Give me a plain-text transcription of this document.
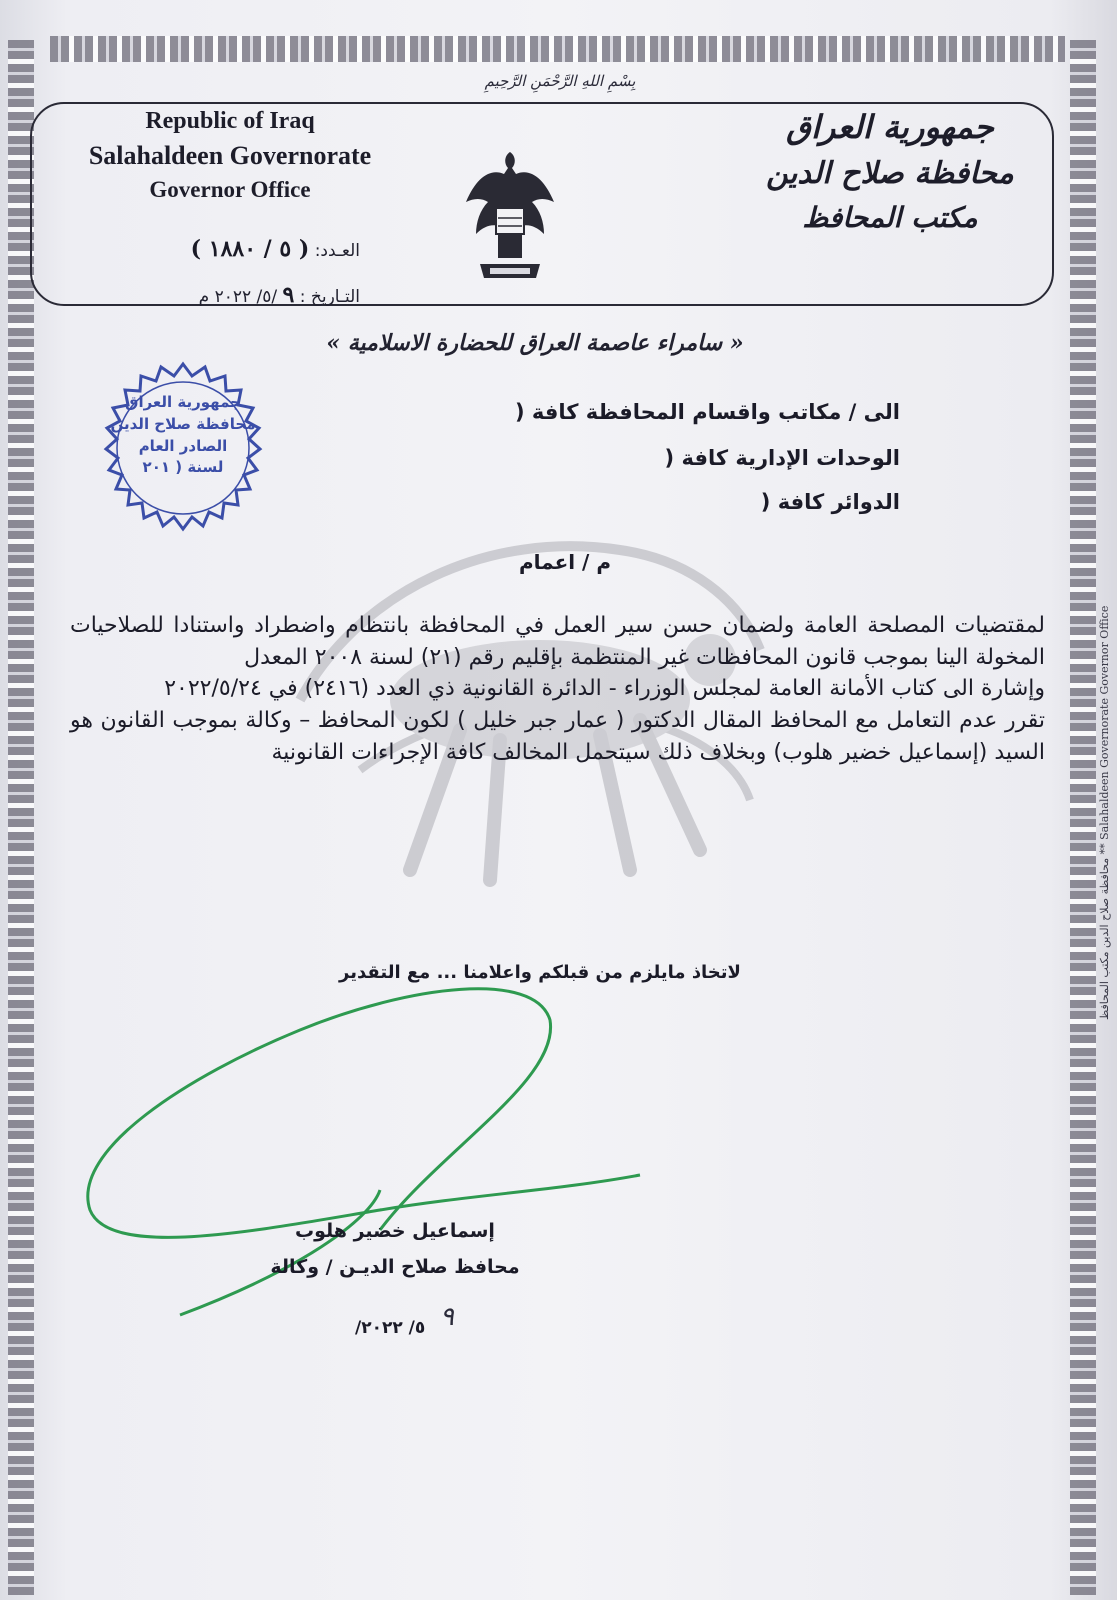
محافظة صلاح الدين مكتب المحافظ ** Salahaldeen Governorate Governor Office
بِسْمِ اللهِ الرَّحْمَنِ الرَّحِيمِ
Republic of Iraq
Salahaldeen Governorate
Governor Office
العـدد: ( ٥ / ١٨٨٠ )
التـاريخ : ٩ /٥/ ٢٠٢٢ م
جمهورية العراق
محافظة صلاح الدين
مكتب المحافظ
« سامراء عاصمة العراق للحضارة الاسلامية »
جمهورية العراق
محافظة صلاح الدين
الصادر العام
لسنة ( ٢٠١
الى / مكاتب واقسام المحافظة كافة (
الوحدات الإدارية كافة (
الدوائر كافة (
م / اعمام

لمقتضيات المصلحة العامة ولضمان حسن سير العمل في المحافظة بانتظام واضطراد واستنادا للصلاحيات المخولة الينا بموجب قانون المحافظات غير المنتظمة بإقليم رقم (٢١) لسنة ٢٠٠٨ المعدل

وإشارة الى كتاب الأمانة العامة لمجلس الوزراء - الدائرة القانونية ذي العدد (٢٤١٦) في ٢٠٢٢/٥/٢٤

تقرر عدم التعامل مع المحافظ المقال الدكتور ( عمار جبر خليل ) لكون المحافظ – وكالة بموجب القانون هو السيد (إسماعيل خضير هلوب) وبخلاف ذلك سيتحمل المخالف كافة الإجراءات القانونية

لاتخاذ مايلزم من قبلكم واعلامنا ... مع التقدير
إسماعيل خضير هلوب
محافظ صلاح الديـن / وكالة
/٥/ ٢٠٢٢ ٩
